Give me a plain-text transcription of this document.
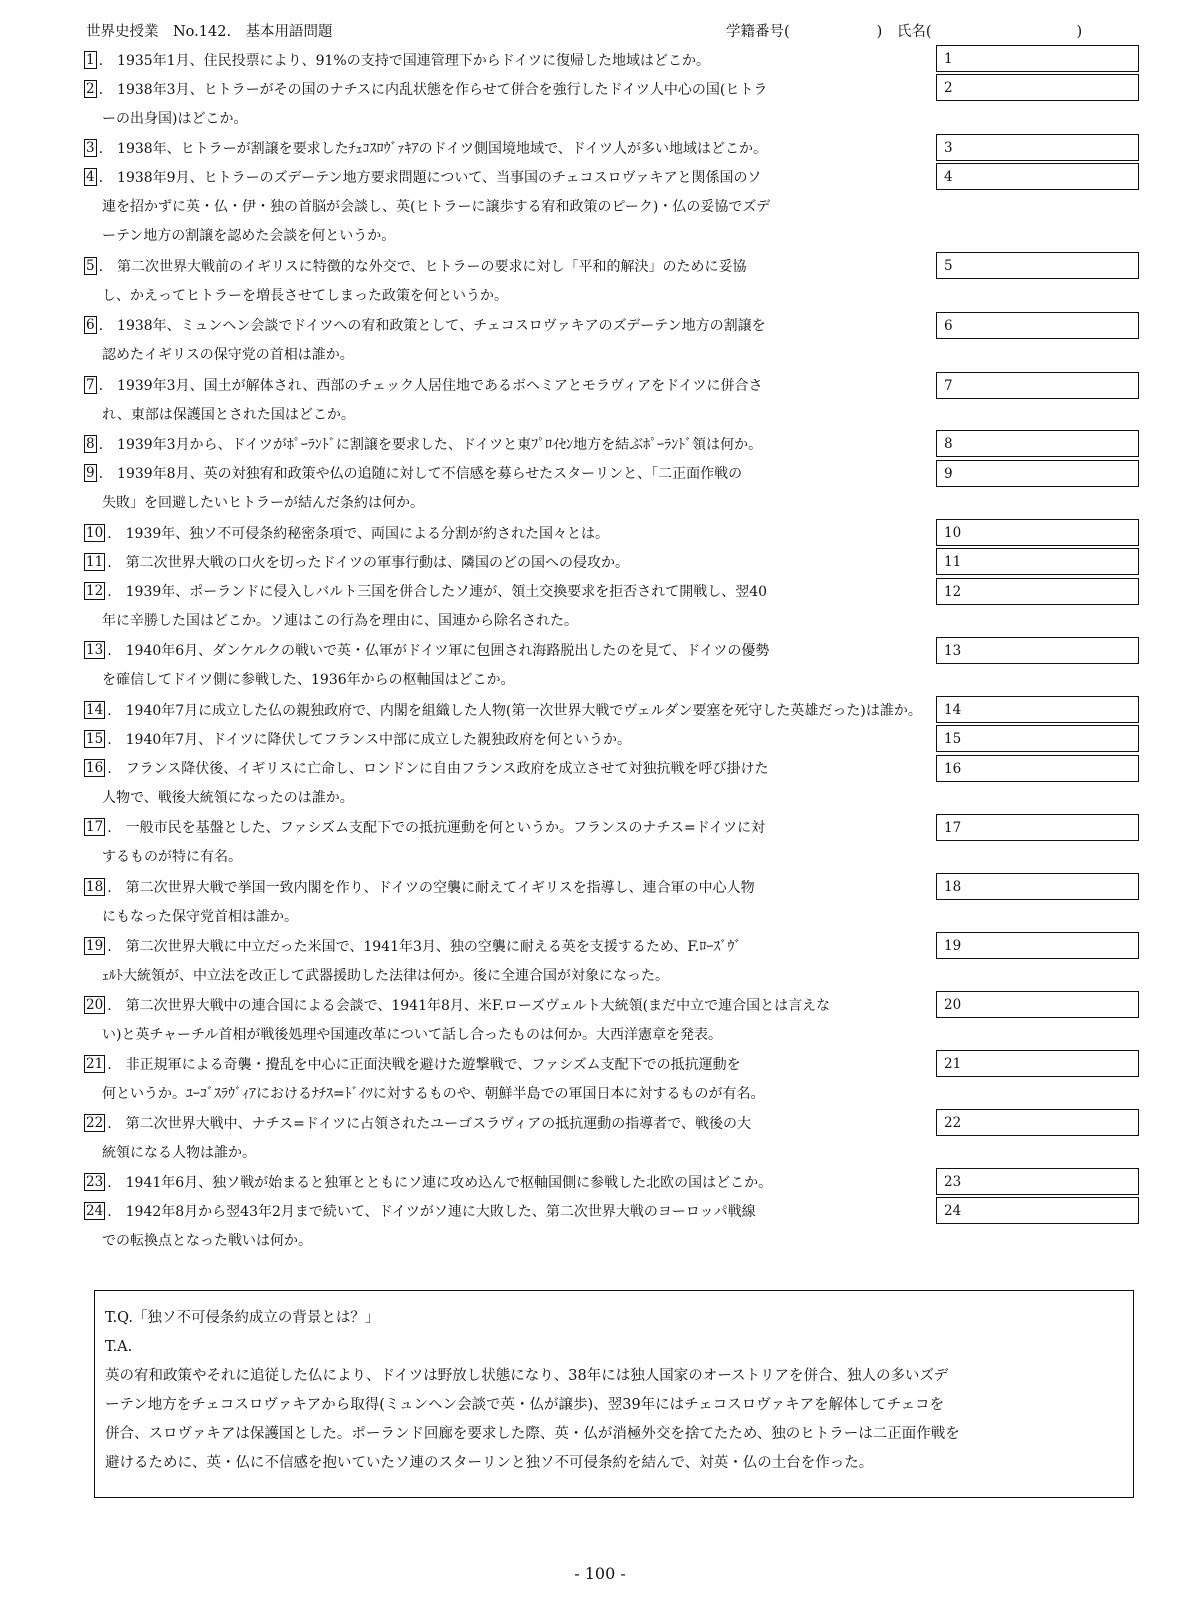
世界史授業　No.142.　基本用語問題	学籍番号(　　　　　　)　氏名(　　　　　　　　　　)
1 .　1935年1月、住民投票により、91%の支持で国連管理下からドイツに復帰した地域はどこか。	1
2 .　1938年3月、ヒトラーがその国のナチスに内乱状態を作らせて併合を強行したドイツ人中心の国(ヒトラ
ーの出身国)はどこか。
2
3 .　1938年、ヒトラーが割譲を要求したﾁｪｺｽﾛｳﾞｧｷｱのドイツ側国境地域で、ドイツ人が多い地域はどこか。	3
4 .　1938年9月、ヒトラーのズデーテン地方要求問題について、当事国のチェコスロヴァキアと関係国のソ
連を招かずに英・仏・伊・独の首脳が会談し、英(ヒトラーに譲歩する宥和政策のピーク)・仏の妥協でズデ
ーテン地方の割譲を認めた会談を何というか。
4
5 .　第二次世界大戦前のイギリスに特徴的な外交で、ヒトラーの要求に対し「平和的解決」のために妥協
し、かえってヒトラーを増長させてしまった政策を何というか。
5
6 .　1938年、ミュンヘン会談でドイツへの宥和政策として、チェコスロヴァキアのズデーテン地方の割譲を
認めたイギリスの保守党の首相は誰か。
6
7 .　1939年3月、国土が解体され、西部のチェック人居住地であるボヘミアとモラヴィアをドイツに併合さ
れ、東部は保護国とされた国はどこか。
7
8 .　1939年3月から、ドイツがﾎﾟｰﾗﾝﾄﾞに割譲を要求した、ドイツと東ﾌﾟﾛｲｾﾝ地方を結ぶﾎﾟｰﾗﾝﾄﾞ領は何か。	8
9 .　1939年8月、英の対独宥和政策や仏の追随に対して不信感を募らせたスターリンと、「二正面作戦の
失敗」を回避したいヒトラーが結んだ条約は何か。
9
10 .　1939年、独ソ不可侵条約秘密条項で、両国による分割が約された国々とは。	10
11 .　第二次世界大戦の口火を切ったドイツの軍事行動は、隣国のどの国への侵攻か。	11
12 .　1939年、ポーランドに侵入しバルト三国を併合したソ連が、領土交換要求を拒否されて開戦し、翌40
年に辛勝した国はどこか。ソ連はこの行為を理由に、国連から除名された。
12
13 .　1940年6月、ダンケルクの戦いで英・仏軍がドイツ軍に包囲され海路脱出したのを見て、ドイツの優勢
を確信してドイツ側に参戦した、1936年からの枢軸国はどこか。
13
14 .　1940年7月に成立した仏の親独政府で、内閣を組織した人物(第一次世界大戦でヴェルダン要塞を死守した英雄だった)は誰か。	14
15 .　1940年7月、ドイツに降伏してフランス中部に成立した親独政府を何というか。	15
16 .　フランス降伏後、イギリスに亡命し、ロンドンに自由フランス政府を成立させて対独抗戦を呼び掛けた
人物で、戦後大統領になったのは誰か。
16
17 .　一般市民を基盤とした、ファシズム支配下での抵抗運動を何というか。フランスのナチス=ドイツに対
するものが特に有名。
17
18 .　第二次世界大戦で挙国一致内閣を作り、ドイツの空襲に耐えてイギリスを指導し、連合軍の中心人物
にもなった保守党首相は誰か。
18
19 .　第二次世界大戦に中立だった米国で、1941年3月、独の空襲に耐える英を支援するため、F.ﾛｰｽﾞｳﾞ
ｪﾙﾄ大統領が、中立法を改正して武器援助した法律は何か。後に全連合国が対象になった。
19
20 .　第二次世界大戦中の連合国による会談で、1941年8月、米F.ローズヴェルト大統領(まだ中立で連合国とは言えな
い)と英チャーチル首相が戦後処理や国連改革について話し合ったものは何か。大西洋憲章を発表。
20
21 .　非正規軍による奇襲・攪乱を中心に正面決戦を避けた遊撃戦で、ファシズム支配下での抵抗運動を
何というか。ﾕｰｺﾞｽﾗｳﾞｨｱにおけるﾅﾁｽ=ﾄﾞｲﾂに対するものや、朝鮮半島での軍国日本に対するものが有名。
21
22 .　第二次世界大戦中、ナチス=ドイツに占領されたユーゴスラヴィアの抵抗運動の指導者で、戦後の大
統領になる人物は誰か。
22
23 .　1941年6月、独ソ戦が始まると独軍とともにソ連に攻め込んで枢軸国側に参戦した北欧の国はどこか。	23
24 .　1942年8月から翌43年2月まで続いて、ドイツがソ連に大敗した、第二次世界大戦のヨーロッパ戦線
での転換点となった戦いは何か。
24
T.Q.「独ソ不可侵条約成立の背景とは？」
T.A.
英の宥和政策やそれに追従した仏により、ドイツは野放し状態になり、38年には独人国家のオーストリアを併合、独人の多いズデ
ーテン地方をチェコスロヴァキアから取得(ミュンヘン会談で英・仏が譲歩)、翌39年にはチェコスロヴァキアを解体してチェコを
併合、スロヴァキアは保護国とした。ポーランド回廊を要求した際、英・仏が消極外交を捨てたため、独のヒトラーは二正面作戦を
避けるために、英・仏に不信感を抱いていたソ連のスターリンと独ソ不可侵条約を結んで、対英・仏の土台を作った。
- 100 -
